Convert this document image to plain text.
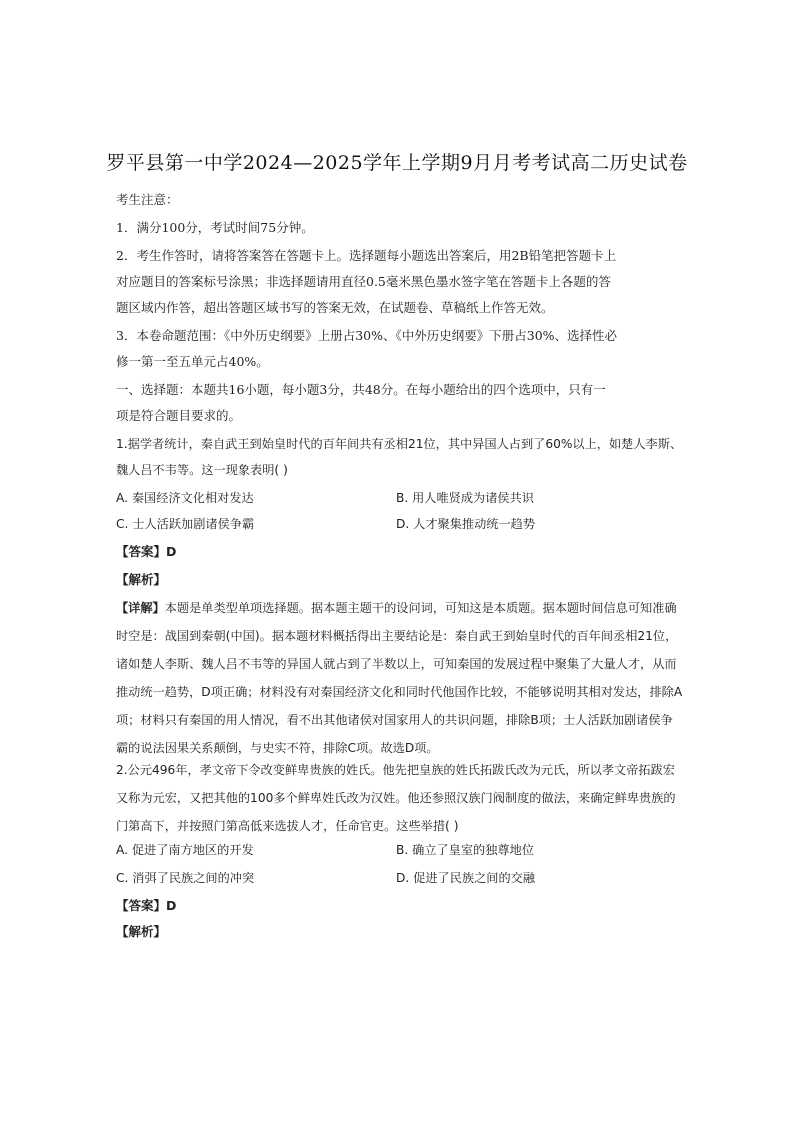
罗平县第一中学2024—2025学年上学期9月月考考试高二历史试卷
考生注意：
1．满分100分，考试时间75分钟。
2．考生作答时，请将答案答在答题卡上。选择题每小题选出答案后，用2B铅笔把答题卡上
对应题目的答案标号涂黑；非选择题请用直径0.5毫米黑色墨水签字笔在答题卡上各题的答
题区域内作答，超出答题区域书写的答案无效，在试题卷、草稿纸上作答无效。
3．本卷命题范围：《中外历史纲要》上册占30%、《中外历史纲要》下册占30%、选择性必
修一第一至五单元占40%。
一、选择题：本题共16小题，每小题3分，共48分。在每小题给出的四个选项中，只有一
项是符合题目要求的。
1.据学者统计，秦自武王到始皇时代的百年间共有丞相21位，其中异国人占到了60%以上，如楚人李斯、
魏人吕不韦等。这一现象表明( )
A. 秦国经济文化相对发达	B. 用人唯贤成为诸侯共识
C. 士人活跃加剧诸侯争霸	D. 人才聚集推动统一趋势
【答案】D
【解析】
【详解】本题是单类型单项选择题。据本题主题干的设问词，可知这是本质题。据本题时间信息可知准确
时空是：战国到秦朝(中国)。据本题材料概括得出主要结论是：秦自武王到始皇时代的百年间丞相21位，
诸如楚人李斯、魏人吕不韦等的异国人就占到了半数以上，可知秦国的发展过程中聚集了大量人才，从而
推动统一趋势，D项正确；材料没有对秦国经济文化和同时代他国作比较，不能够说明其相对发达，排除A
项；材料只有秦国的用人情况，看不出其他诸侯对国家用人的共识问题，排除B项；士人活跃加剧诸侯争
霸的说法因果关系颠倒，与史实不符，排除C项。故选D项。
2.公元496年，孝文帝下令改变鲜卑贵族的姓氏。他先把皇族的姓氏拓跋氏改为元氏，所以孝文帝拓跋宏
又称为元宏，又把其他的100多个鲜卑姓氏改为汉姓。他还参照汉族门阀制度的做法，来确定鲜卑贵族的
门第高下，并按照门第高低来选拔人才，任命官吏。这些举措( )
A. 促进了南方地区的开发	B. 确立了皇室的独尊地位
C. 消弭了民族之间的冲突	D. 促进了民族之间的交融
【答案】D
【解析】
